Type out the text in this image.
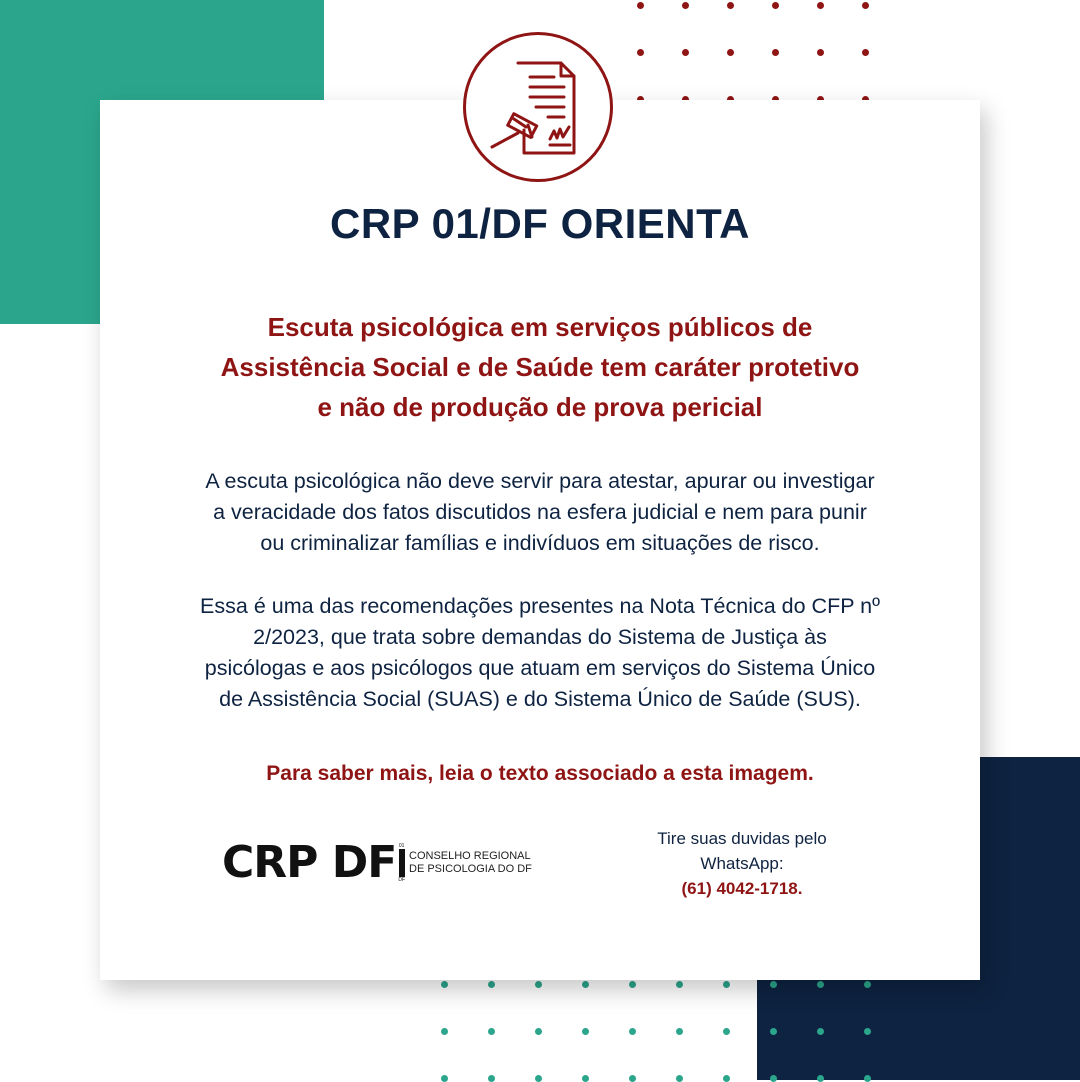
CRP 01/DF ORIENTA
Escuta psicológica em serviços públicos de
Assistência Social e de Saúde tem caráter protetivo
e não de produção de prova pericial
A escuta psicológica não deve servir para atestar, apurar ou investigar
a veracidade dos fatos discutidos na esfera judicial e nem para punir
ou criminalizar famílias e indivíduos em situações de risco.
Essa é uma das recomendações presentes na Nota Técnica do CFP nº
2/2023, que trata sobre demandas do Sistema de Justiça às
psicólogas e aos psicólogos que atuam em serviços do Sistema Único
de Assistência Social (SUAS) e do Sistema Único de Saúde (SUS).

Para saber mais, leia o texto associado a esta imagem.

CRP DF 01
DF
CONSELHO REGIONAL
DE PSICOLOGIA DO DF
Tire suas duvidas pelo
WhatsApp:
(61) 4042-1718.
